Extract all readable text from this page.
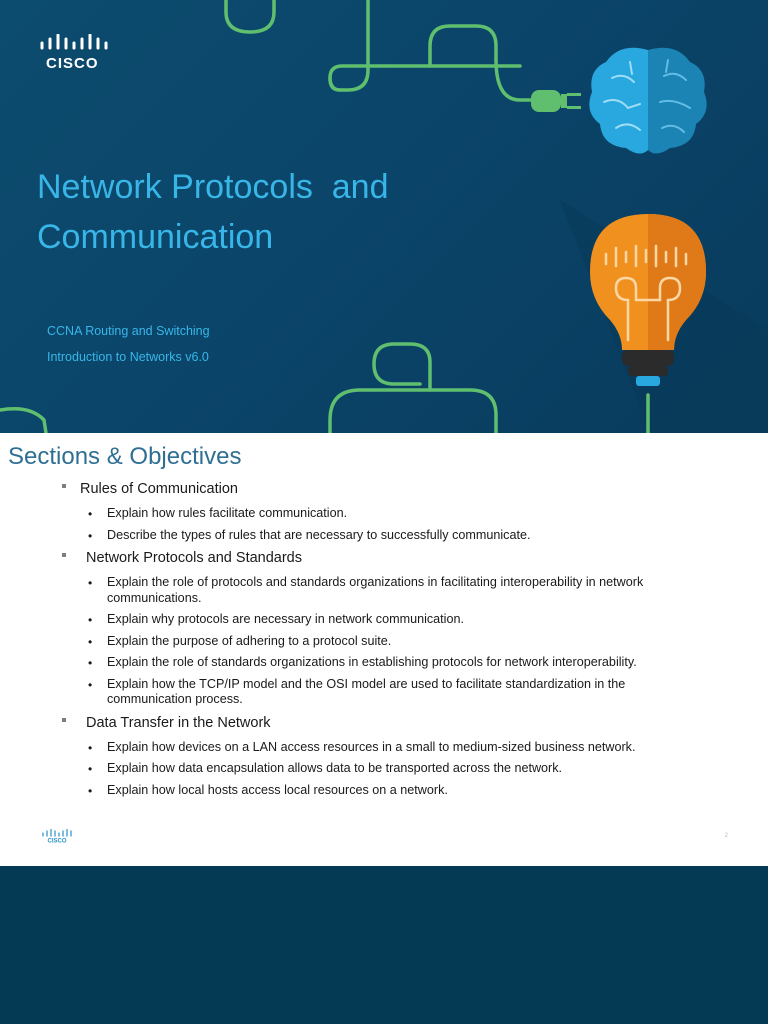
CISCO
Network Protocols  and Communication
CCNA Routing and Switching
Introduction to Networks v6.0
Sections & Objectives
Rules of Communication
• Explain how rules facilitate communication.
• Describe the types of rules that are necessary to successfully communicate.
Network Protocols and Standards
• Explain the role of protocols and standards organizations in facilitating interoperability in network communications.
• Explain why protocols are necessary in network communication.
• Explain the purpose of adhering to a protocol suite.
• Explain the role of standards organizations in establishing protocols for network interoperability.
• Explain how the TCP/IP model and the OSI model are used to facilitate standardization in the communication process.
Data Transfer in the Network
• Explain how devices on a LAN access resources in a small to medium-sized business network.
• Explain how data encapsulation allows data to be transported across the network.
• Explain how local hosts access local resources on a network.
CISCO
2
